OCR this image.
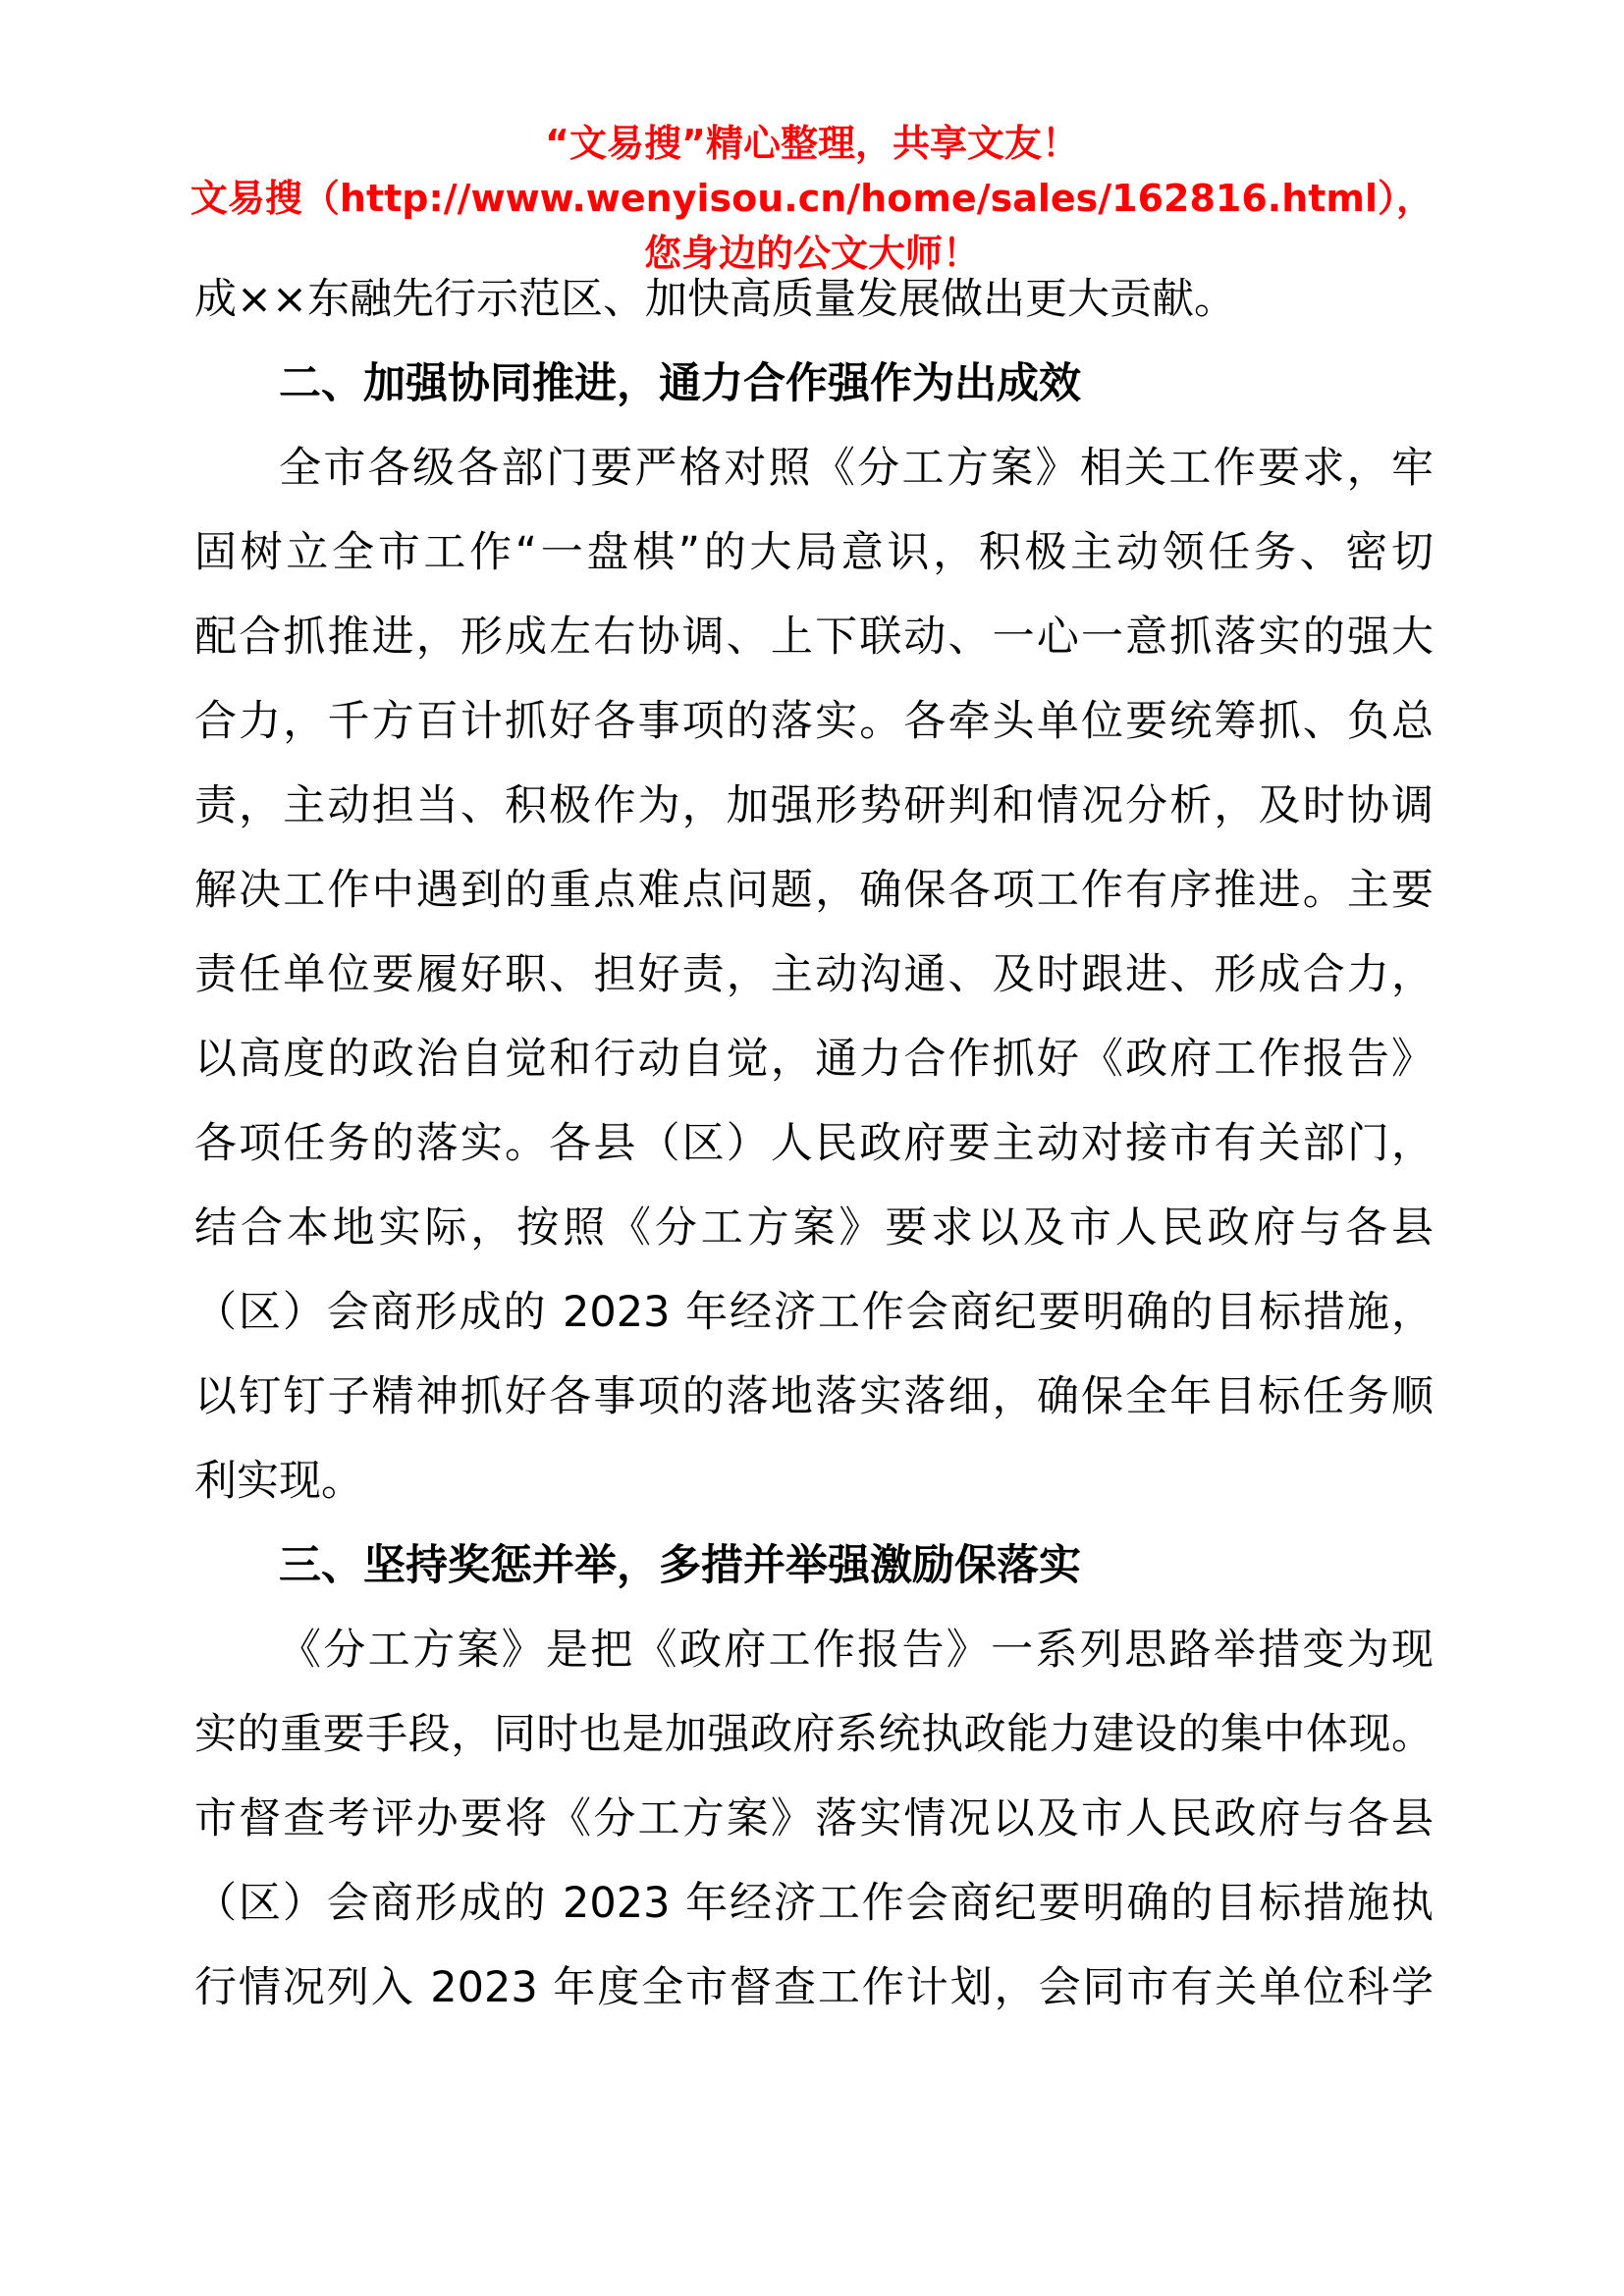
“文易搜”精心整理，共享文友！
文易搜（http://www.wenyisou.cn/home/sales/162816.html），
您身边的公文大师！
成××东融先行示范区、加快高质量发展做出更大贡献。
二、加强协同推进，通力合作强作为出成效
全市各级各部门要严格对照《分工方案》相关工作要求，牢
固树立全市工作“一盘棋”的大局意识，积极主动领任务、密切
配合抓推进，形成左右协调、上下联动、一心一意抓落实的强大
合力，千方百计抓好各事项的落实。各牵头单位要统筹抓、负总
责，主动担当、积极作为，加强形势研判和情况分析，及时协调
解决工作中遇到的重点难点问题，确保各项工作有序推进。主要
责任单位要履好职、担好责，主动沟通、及时跟进、形成合力，
以高度的政治自觉和行动自觉，通力合作抓好《政府工作报告》
各项任务的落实。各县（区）人民政府要主动对接市有关部门，
结合本地实际，按照《分工方案》要求以及市人民政府与各县
（区）会商形成的 2023 年经济工作会商纪要明确的目标措施，
以钉钉子精神抓好各事项的落地落实落细，确保全年目标任务顺
利实现。
三、坚持奖惩并举，多措并举强激励保落实
《分工方案》是把《政府工作报告》一系列思路举措变为现
实的重要手段，同时也是加强政府系统执政能力建设的集中体现。
市督查考评办要将《分工方案》落实情况以及市人民政府与各县
（区）会商形成的 2023 年经济工作会商纪要明确的目标措施执
行情况列入 2023 年度全市督查工作计划，会同市有关单位科学
